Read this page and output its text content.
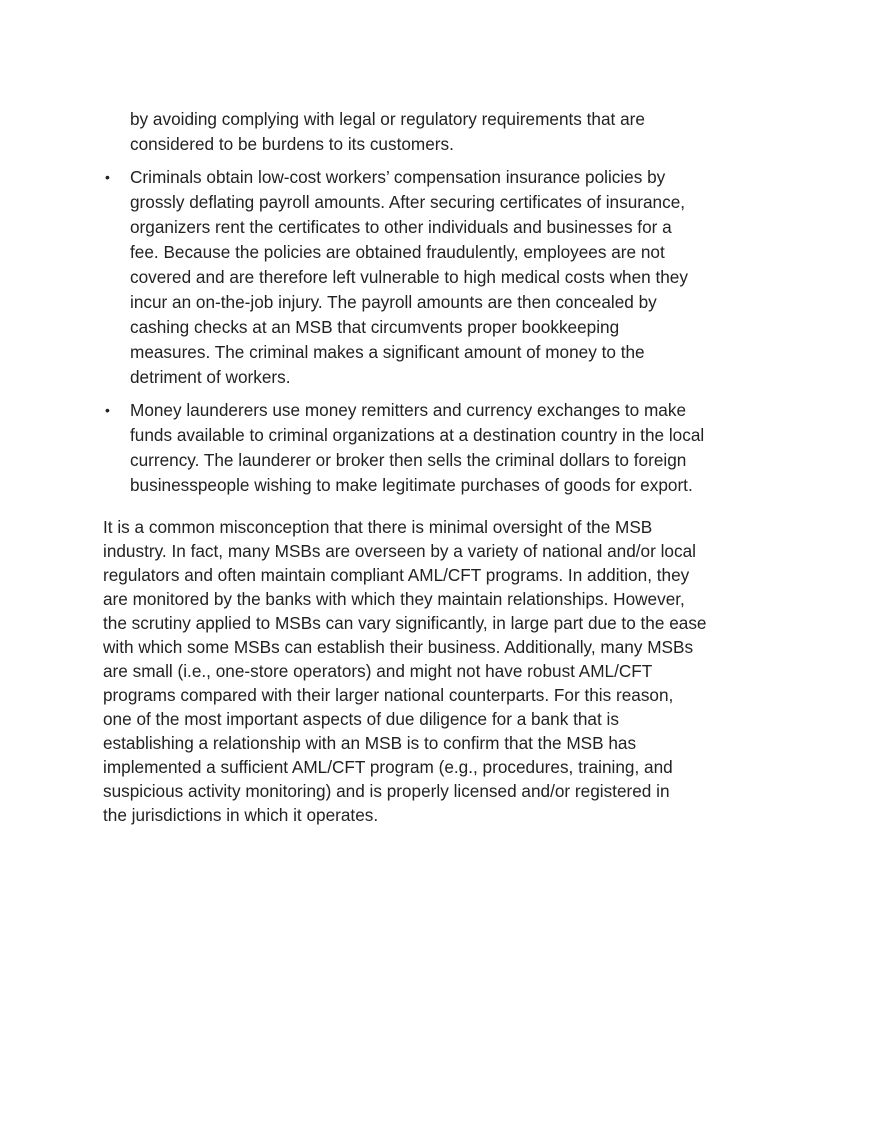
by avoiding complying with legal or regulatory requirements that are
considered to be burdens to its customers.
• Criminals obtain low-cost workers’ compensation insurance policies by
grossly deflating payroll amounts. After securing certificates of insurance,
organizers rent the certificates to other individuals and businesses for a
fee. Because the policies are obtained fraudulently, employees are not
covered and are therefore left vulnerable to high medical costs when they
incur an on-the-job injury. The payroll amounts are then concealed by
cashing checks at an MSB that circumvents proper bookkeeping
measures. The criminal makes a significant amount of money to the
detriment of workers.
• Money launderers use money remitters and currency exchanges to make
funds available to criminal organizations at a destination country in the local
currency. The launderer or broker then sells the criminal dollars to foreign
businesspeople wishing to make legitimate purchases of goods for export.
It is a common misconception that there is minimal oversight of the MSB
industry. In fact, many MSBs are overseen by a variety of national and/or local
regulators and often maintain compliant AML/CFT programs. In addition, they
are monitored by the banks with which they maintain relationships. However,
the scrutiny applied to MSBs can vary significantly, in large part due to the ease
with which some MSBs can establish their business. Additionally, many MSBs
are small (i.e., one-store operators) and might not have robust AML/CFT
programs compared with their larger national counterparts. For this reason,
one of the most important aspects of due diligence for a bank that is
establishing a relationship with an MSB is to confirm that the MSB has
implemented a sufficient AML/CFT program (e.g., procedures, training, and
suspicious activity monitoring) and is properly licensed and/or registered in
the jurisdictions in which it operates.
